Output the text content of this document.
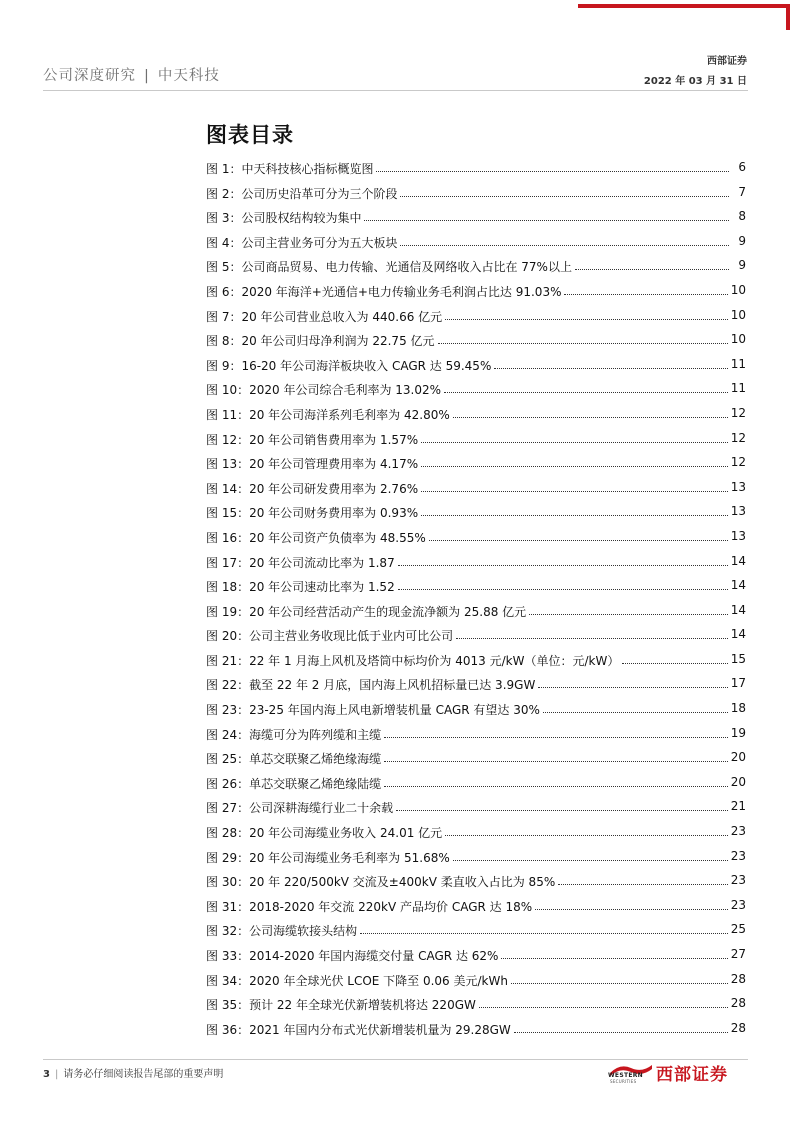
公司深度研究 | 中天科技
西部证券
2022 年 03 月 31 日
图表目录
图 1：中天科技核心指标概览图	6
图 2：公司历史沿革可分为三个阶段	7
图 3：公司股权结构较为集中	8
图 4：公司主营业务可分为五大板块	9
图 5：公司商品贸易、电力传输、光通信及网络收入占比在 77%以上	9
图 6：2020 年海洋+光通信+电力传输业务毛利润占比达 91.03%	10
图 7：20 年公司营业总收入为 440.66 亿元	10
图 8：20 年公司归母净利润为 22.75 亿元	10
图 9：16-20 年公司海洋板块收入 CAGR 达 59.45%	11
图 10：2020 年公司综合毛利率为 13.02%	11
图 11：20 年公司海洋系列毛利率为 42.80%	12
图 12：20 年公司销售费用率为 1.57%	12
图 13：20 年公司管理费用率为 4.17%	12
图 14：20 年公司研发费用率为 2.76%	13
图 15：20 年公司财务费用率为 0.93%	13
图 16：20 年公司资产负债率为 48.55%	13
图 17：20 年公司流动比率为 1.87	14
图 18：20 年公司速动比率为 1.52	14
图 19：20 年公司经营活动产生的现金流净额为 25.88 亿元	14
图 20：公司主营业务收现比低于业内可比公司	14
图 21：22 年 1 月海上风机及塔筒中标均价为 4013 元/kW（单位：元/kW）	15
图 22：截至 22 年 2 月底，国内海上风机招标量已达 3.9GW	17
图 23：23-25 年国内海上风电新增装机量 CAGR 有望达 30%	18
图 24：海缆可分为阵列缆和主缆	19
图 25：单芯交联聚乙烯绝缘海缆	20
图 26：单芯交联聚乙烯绝缘陆缆	20
图 27：公司深耕海缆行业二十余载	21
图 28：20 年公司海缆业务收入 24.01 亿元	23
图 29：20 年公司海缆业务毛利率为 51.68%	23
图 30：20 年 220/500kV 交流及±400kV 柔直收入占比为 85%	23
图 31：2018-2020 年交流 220kV 产品均价 CAGR 达 18%	23
图 32：公司海缆软接头结构	25
图 33：2014-2020 年国内海缆交付量 CAGR 达 62%	27
图 34：2020 年全球光伏 LCOE 下降至 0.06 美元/kWh	28
图 35：预计 22 年全球光伏新增装机将达 220GW	28
图 36：2021 年国内分布式光伏新增装机量为 29.28GW	28
3 | 请务必仔细阅读报告尾部的重要声明	WESTERN
SECURITIES 西部证券
